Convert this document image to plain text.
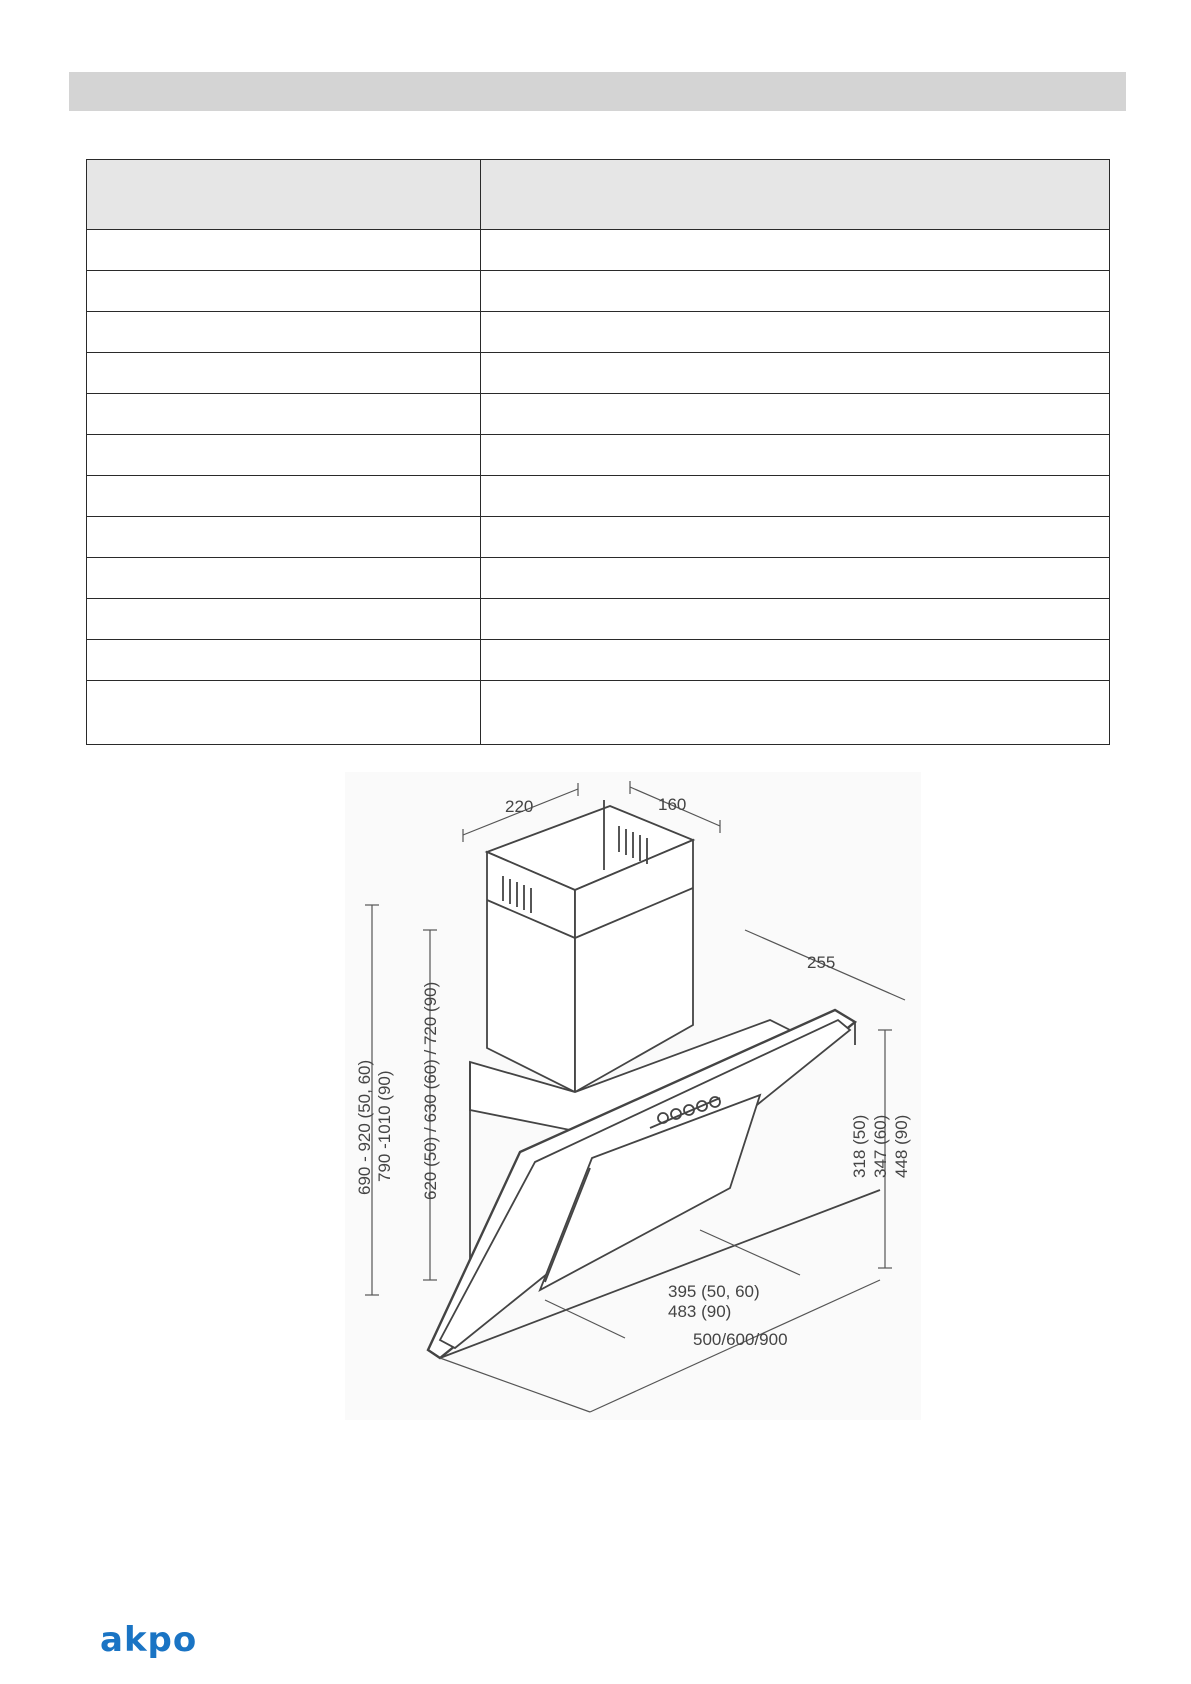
220	160
255
690 - 920 (50, 60) 790 -1010 (90) 620 (50) / 630 (60) / 720 (90)	318 (50) 347 (60) 448 (90)
395 (50, 60)
483 (90)
500/600/900
akpo
